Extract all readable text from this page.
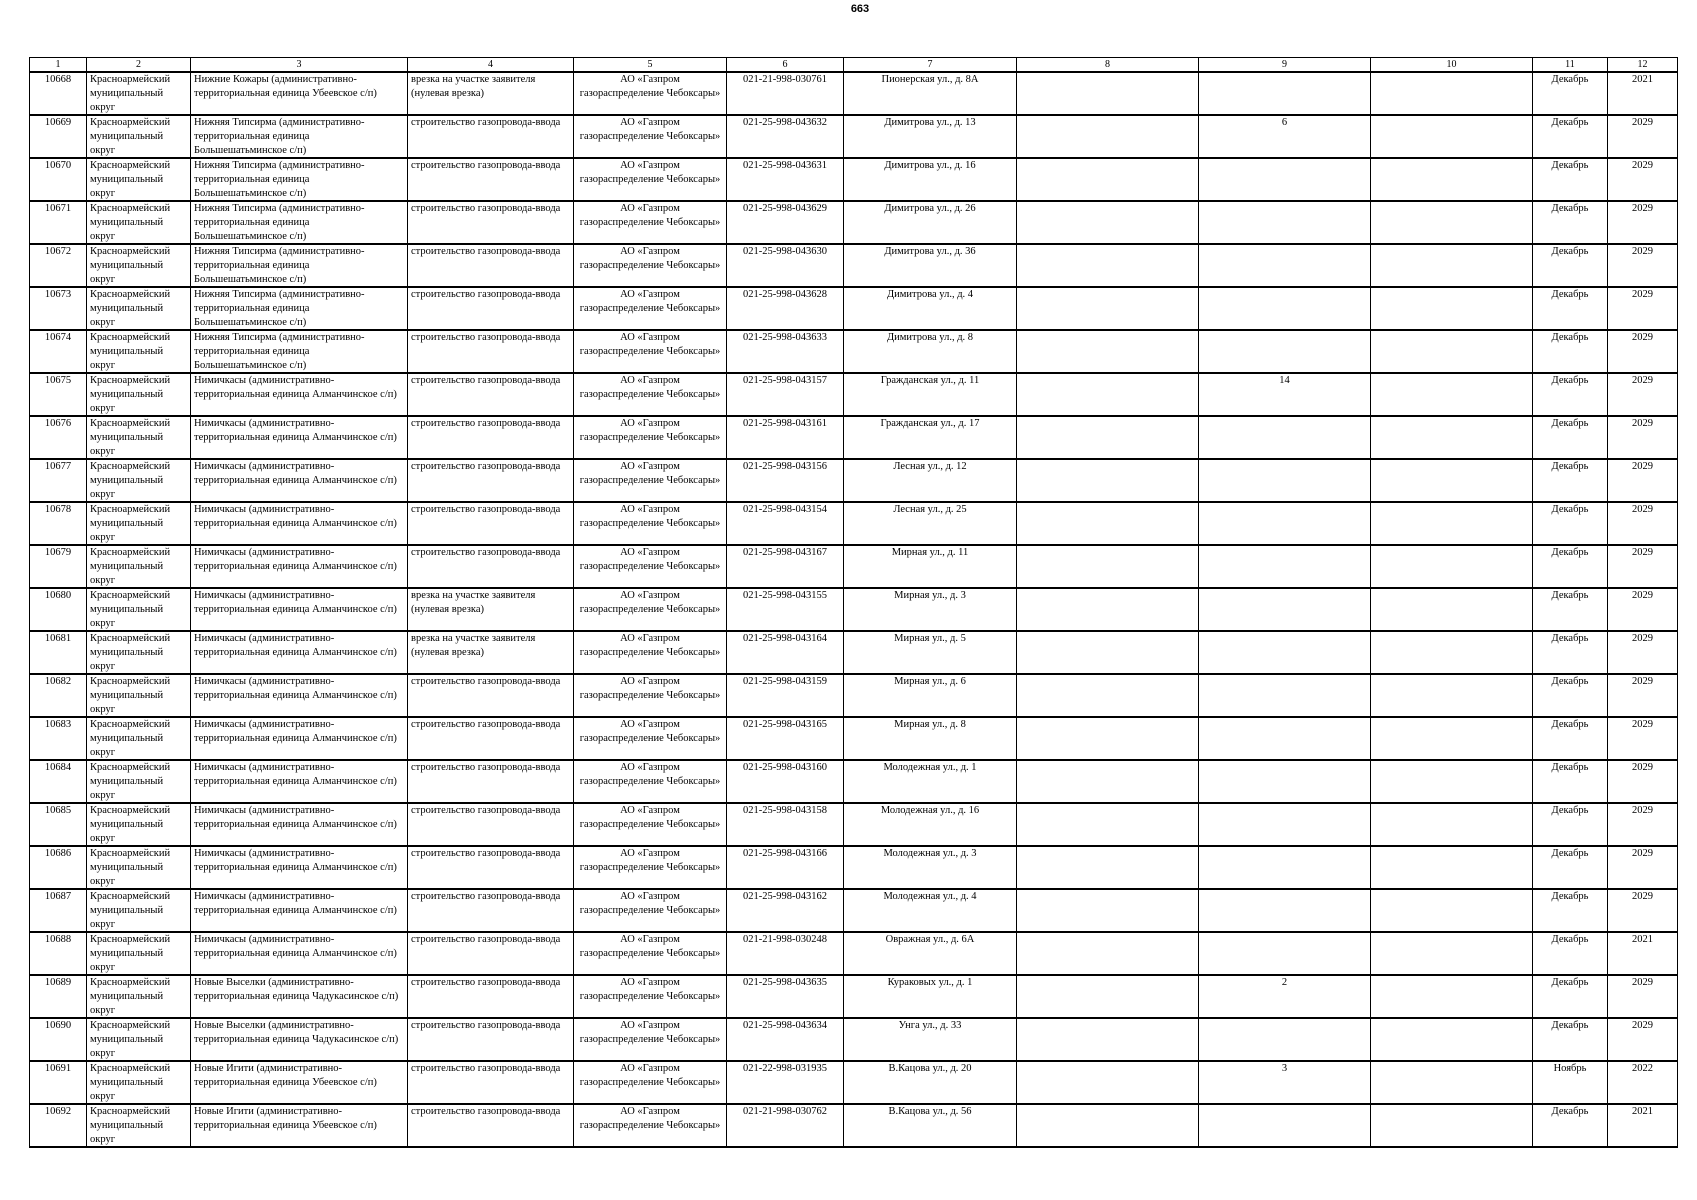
663
1	2	3	4	5	6	7	8	9	10	11	12

10668	Красноармейский муниципальный округ	Нижние Кожары (административно-территориальная единица Убеевское с/п)	врезка на участке заявителя (нулевая врезка)	АО «Газпром газораспределение Чебоксары»	021-21-998-030761	Пионерская ул., д. 8А				Декабрь	2021

10669	Красноармейский муниципальный округ	Нижняя Типсирма (административно-территориальная единица Большешатьминское с/п)	строительство газопровода-ввода	АО «Газпром газораспределение Чебоксары»	021-25-998-043632	Димитрова ул., д. 13		6		Декабрь	2029

10670	Красноармейский муниципальный округ	Нижняя Типсирма (административно-территориальная единица Большешатьминское с/п)	строительство газопровода-ввода	АО «Газпром газораспределение Чебоксары»	021-25-998-043631	Димитрова ул., д. 16				Декабрь	2029

10671	Красноармейский муниципальный округ	Нижняя Типсирма (административно-территориальная единица Большешатьминское с/п)	строительство газопровода-ввода	АО «Газпром газораспределение Чебоксары»	021-25-998-043629	Димитрова ул., д. 26				Декабрь	2029

10672	Красноармейский муниципальный округ	Нижняя Типсирма (административно-территориальная единица Большешатьминское с/п)	строительство газопровода-ввода	АО «Газпром газораспределение Чебоксары»	021-25-998-043630	Димитрова ул., д. 36				Декабрь	2029

10673	Красноармейский муниципальный округ	Нижняя Типсирма (административно-территориальная единица Большешатьминское с/п)	строительство газопровода-ввода	АО «Газпром газораспределение Чебоксары»	021-25-998-043628	Димитрова ул., д. 4				Декабрь	2029

10674	Красноармейский муниципальный округ	Нижняя Типсирма (административно-территориальная единица Большешатьминское с/п)	строительство газопровода-ввода	АО «Газпром газораспределение Чебоксары»	021-25-998-043633	Димитрова ул., д. 8				Декабрь	2029

10675	Красноармейский муниципальный округ	Нимичкасы (административно-территориальная единица Алманчинское с/п)	строительство газопровода-ввода	АО «Газпром газораспределение Чебоксары»	021-25-998-043157	Гражданская ул., д. 11		14		Декабрь	2029

10676	Красноармейский муниципальный округ	Нимичкасы (административно-территориальная единица Алманчинское с/п)	строительство газопровода-ввода	АО «Газпром газораспределение Чебоксары»	021-25-998-043161	Гражданская ул., д. 17				Декабрь	2029

10677	Красноармейский муниципальный округ	Нимичкасы (административно-территориальная единица Алманчинское с/п)	строительство газопровода-ввода	АО «Газпром газораспределение Чебоксары»	021-25-998-043156	Лесная ул., д. 12				Декабрь	2029

10678	Красноармейский муниципальный округ	Нимичкасы (административно-территориальная единица Алманчинское с/п)	строительство газопровода-ввода	АО «Газпром газораспределение Чебоксары»	021-25-998-043154	Лесная ул., д. 25				Декабрь	2029

10679	Красноармейский муниципальный округ	Нимичкасы (административно-территориальная единица Алманчинское с/п)	строительство газопровода-ввода	АО «Газпром газораспределение Чебоксары»	021-25-998-043167	Мирная ул., д. 11				Декабрь	2029

10680	Красноармейский муниципальный округ	Нимичкасы (административно-территориальная единица Алманчинское с/п)	врезка на участке заявителя (нулевая врезка)	АО «Газпром газораспределение Чебоксары»	021-25-998-043155	Мирная ул., д. 3				Декабрь	2029

10681	Красноармейский муниципальный округ	Нимичкасы (административно-территориальная единица Алманчинское с/п)	врезка на участке заявителя (нулевая врезка)	АО «Газпром газораспределение Чебоксары»	021-25-998-043164	Мирная ул., д. 5				Декабрь	2029

10682	Красноармейский муниципальный округ	Нимичкасы (административно-территориальная единица Алманчинское с/п)	строительство газопровода-ввода	АО «Газпром газораспределение Чебоксары»	021-25-998-043159	Мирная ул., д. 6				Декабрь	2029

10683	Красноармейский муниципальный округ	Нимичкасы (административно-территориальная единица Алманчинское с/п)	строительство газопровода-ввода	АО «Газпром газораспределение Чебоксары»	021-25-998-043165	Мирная ул., д. 8				Декабрь	2029

10684	Красноармейский муниципальный округ	Нимичкасы (административно-территориальная единица Алманчинское с/п)	строительство газопровода-ввода	АО «Газпром газораспределение Чебоксары»	021-25-998-043160	Молодежная ул., д. 1				Декабрь	2029

10685	Красноармейский муниципальный округ	Нимичкасы (административно-территориальная единица Алманчинское с/п)	строительство газопровода-ввода	АО «Газпром газораспределение Чебоксары»	021-25-998-043158	Молодежная ул., д. 16				Декабрь	2029

10686	Красноармейский муниципальный округ	Нимичкасы (административно-территориальная единица Алманчинское с/п)	строительство газопровода-ввода	АО «Газпром газораспределение Чебоксары»	021-25-998-043166	Молодежная ул., д. 3				Декабрь	2029

10687	Красноармейский муниципальный округ	Нимичкасы (административно-территориальная единица Алманчинское с/п)	строительство газопровода-ввода	АО «Газпром газораспределение Чебоксары»	021-25-998-043162	Молодежная ул., д. 4				Декабрь	2029

10688	Красноармейский муниципальный округ	Нимичкасы (административно-территориальная единица Алманчинское с/п)	строительство газопровода-ввода	АО «Газпром газораспределение Чебоксары»	021-21-998-030248	Овражная ул., д. 6А				Декабрь	2021

10689	Красноармейский муниципальный округ	Новые Выселки (административно-территориальная единица Чадукасинское с/п)	строительство газопровода-ввода	АО «Газпром газораспределение Чебоксары»	021-25-998-043635	Кураковых ул., д. 1		2		Декабрь	2029

10690	Красноармейский муниципальный округ	Новые Выселки (административно-территориальная единица Чадукасинское с/п)	строительство газопровода-ввода	АО «Газпром газораспределение Чебоксары»	021-25-998-043634	Унга ул., д. 33				Декабрь	2029

10691	Красноармейский муниципальный округ	Новые Игити (административно-территориальная единица Убеевское с/п)	строительство газопровода-ввода	АО «Газпром газораспределение Чебоксары»	021-22-998-031935	В.Кацова ул., д. 20		3		Ноябрь	2022

10692	Красноармейский муниципальный округ	Новые Игити (административно-территориальная единица Убеевское с/п)	строительство газопровода-ввода	АО «Газпром газораспределение Чебоксары»	021-21-998-030762	В.Кацова ул., д. 56				Декабрь	2021
